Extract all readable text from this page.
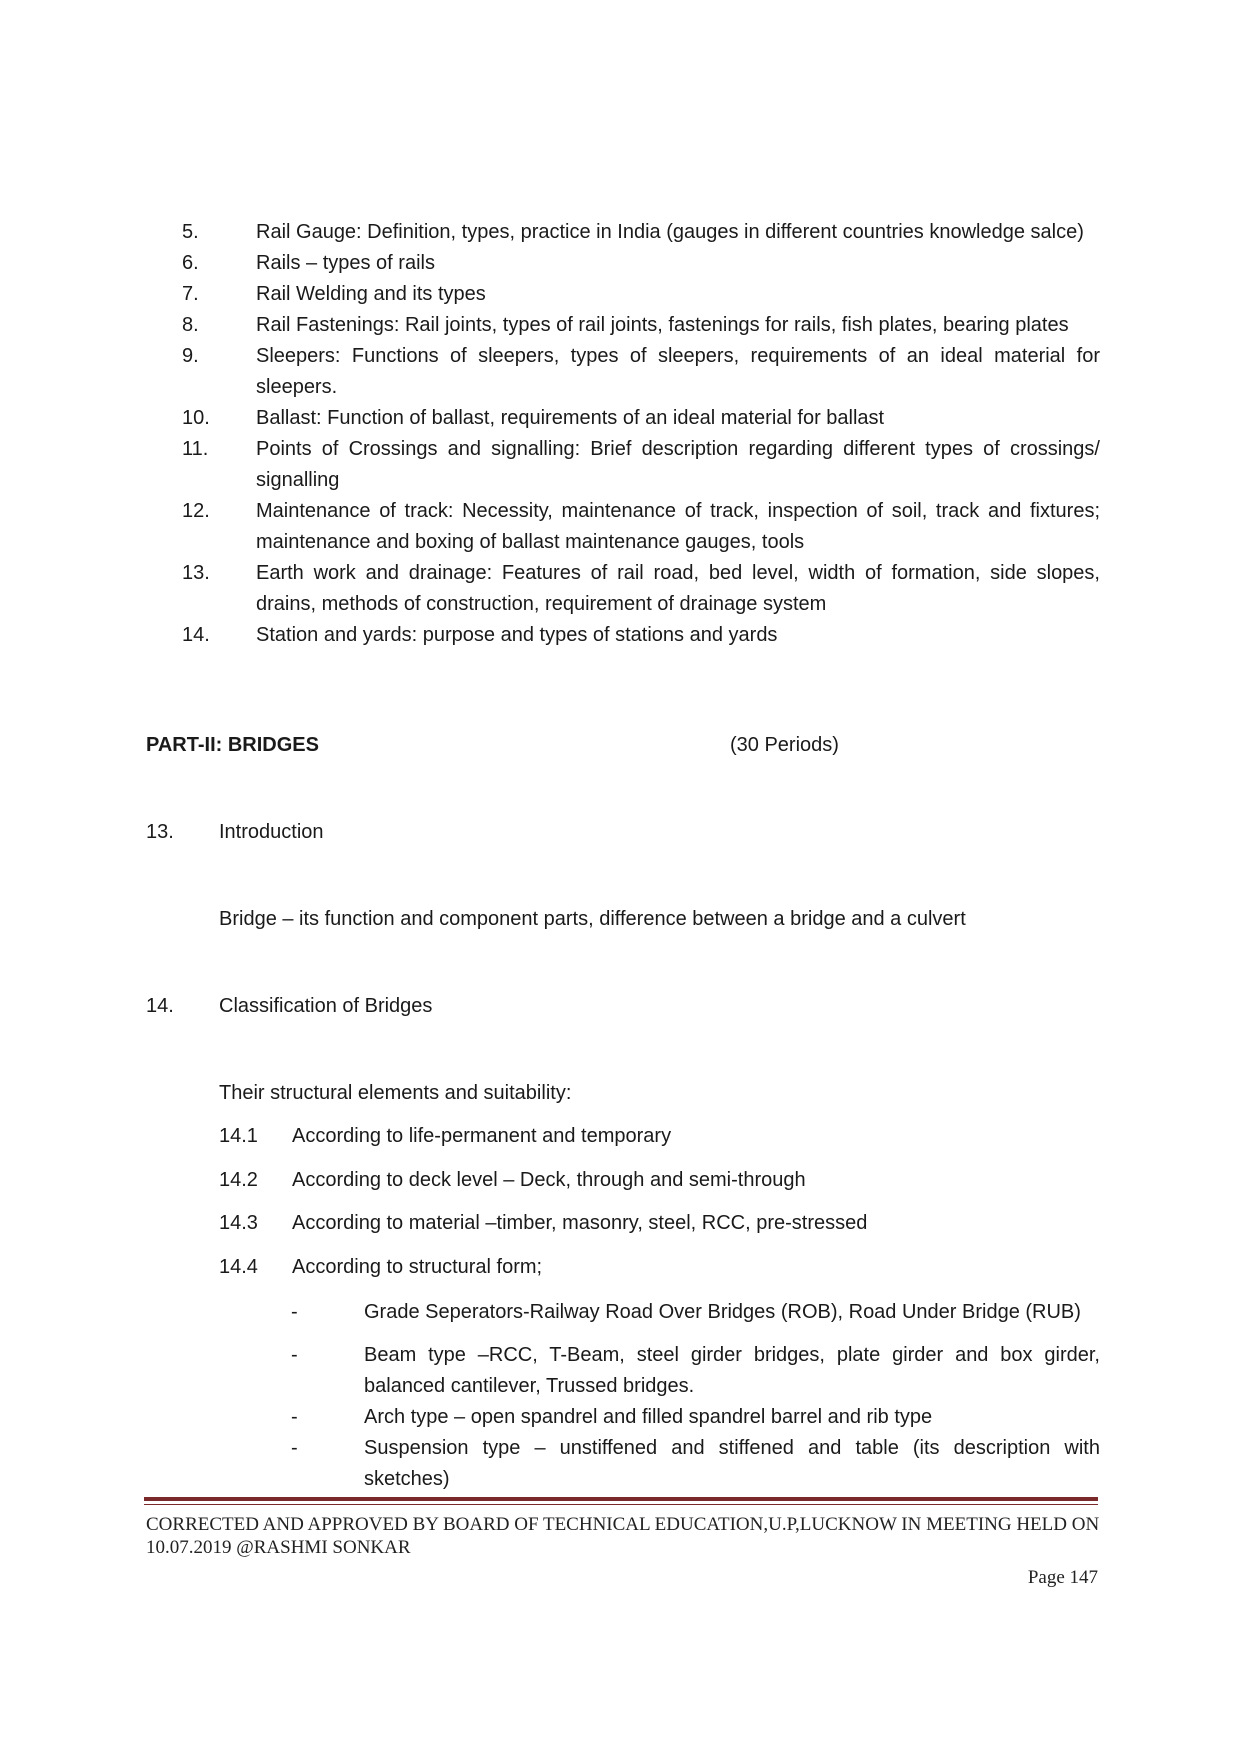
5.	Rail Gauge: Definition, types, practice in India (gauges in different countries knowledge salce)
6.	Rails – types of rails
7.	Rail Welding and its types
8.	Rail Fastenings: Rail joints, types of rail joints, fastenings for rails, fish plates, bearing plates
9.	Sleepers: Functions of sleepers, types of sleepers, requirements of an ideal material for sleepers.
10.	Ballast: Function of ballast, requirements of an ideal material for ballast
11.	Points of Crossings and signalling: Brief description regarding different types of crossings/ signalling
12.	Maintenance of track: Necessity, maintenance of track, inspection of soil, track and fixtures; maintenance and boxing of ballast maintenance gauges, tools
13.	Earth work and drainage: Features of rail road, bed level, width of formation, side slopes, drains, methods of construction, requirement of drainage system
14.	Station and yards: purpose and types of stations and yards
PART-II: BRIDGES	(30 Periods)
13.	Introduction
Bridge – its function and component parts, difference between a bridge and a culvert
14.	Classification of Bridges
Their structural elements and suitability:
14.1	According to life-permanent and temporary
14.2	According to deck level – Deck, through and semi-through
14.3	According to material –timber, masonry, steel, RCC, pre-stressed
14.4	According to structural form;
-	Grade Seperators-Railway Road Over Bridges (ROB), Road Under Bridge (RUB)
-	Beam type –RCC, T-Beam, steel girder bridges, plate girder and box girder, balanced cantilever, Trussed bridges.
-	Arch type – open spandrel and filled spandrel barrel and rib type
-	Suspension type – unstiffened and stiffened and table (its description with sketches)
CORRECTED AND APPROVED BY BOARD OF TECHNICAL EDUCATION,U.P,LUCKNOW IN MEETING HELD ON
10.07.2019 @RASHMI SONKAR
Page 147
